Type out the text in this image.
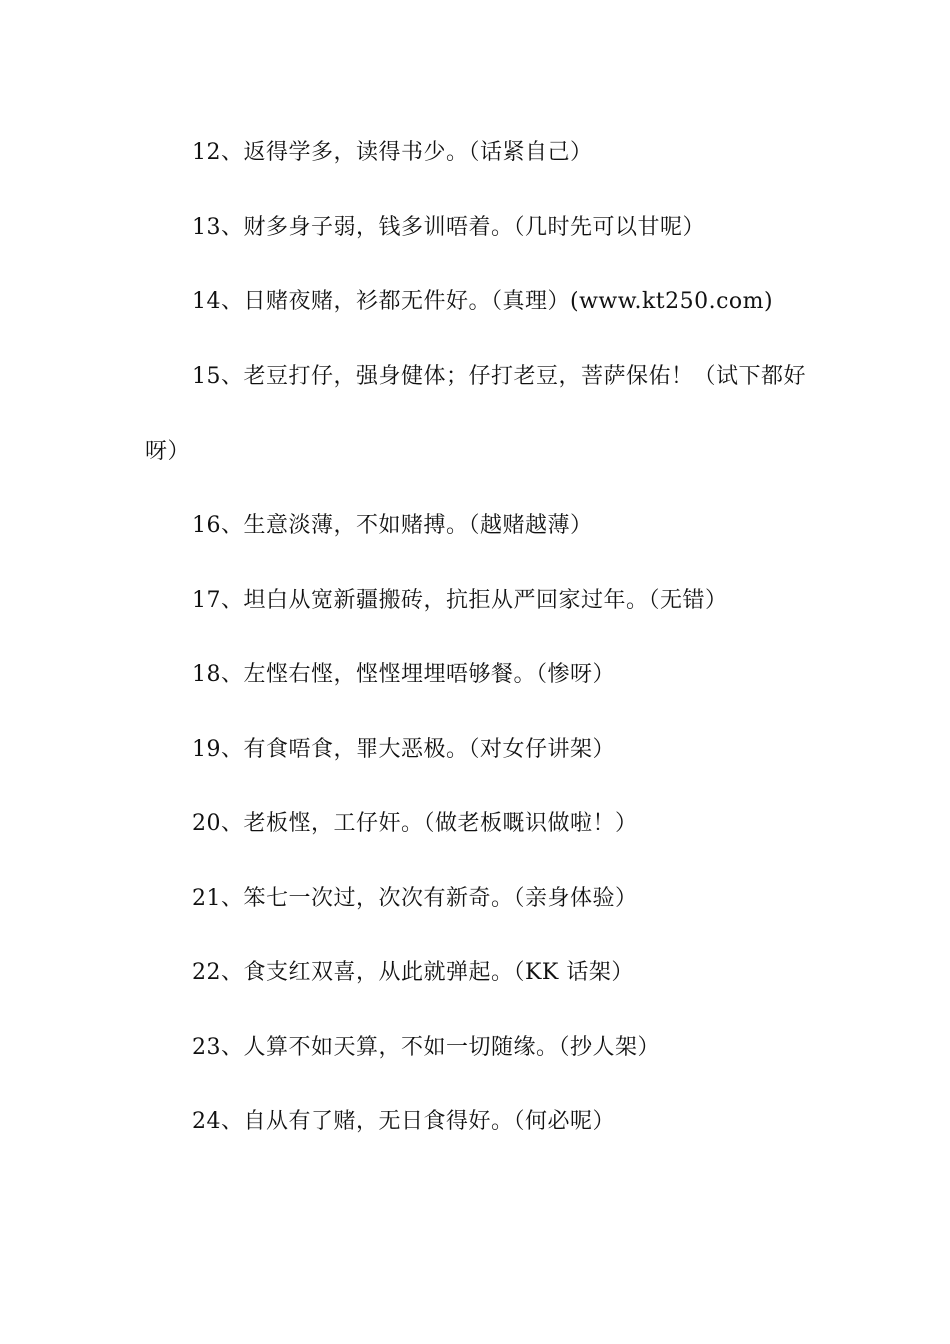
12、返得学多，读得书少。（话紧自己）

13、财多身子弱，钱多训唔着。（几时先可以甘呢）

14、日赌夜赌，衫都无件好。（真理）(www.kt250.com)

15、老豆打仔，强身健体；仔打老豆，菩萨保佑！（试下都好呀）

16、生意淡薄，不如赌搏。（越赌越薄）

17、坦白从宽新疆搬砖，抗拒从严回家过年。（无错）

18、左悭右悭，悭悭埋埋唔够餐。（惨呀）

19、有食唔食，罪大恶极。（对女仔讲架）

20、老板悭，工仔奸。（做老板嘅识做啦！）

21、笨七一次过，次次有新奇。（亲身体验）

22、食支红双喜，从此就弹起。（KK 话架）

23、人算不如天算，不如一切随缘。（抄人架）

24、自从有了赌，无日食得好。（何必呢）
